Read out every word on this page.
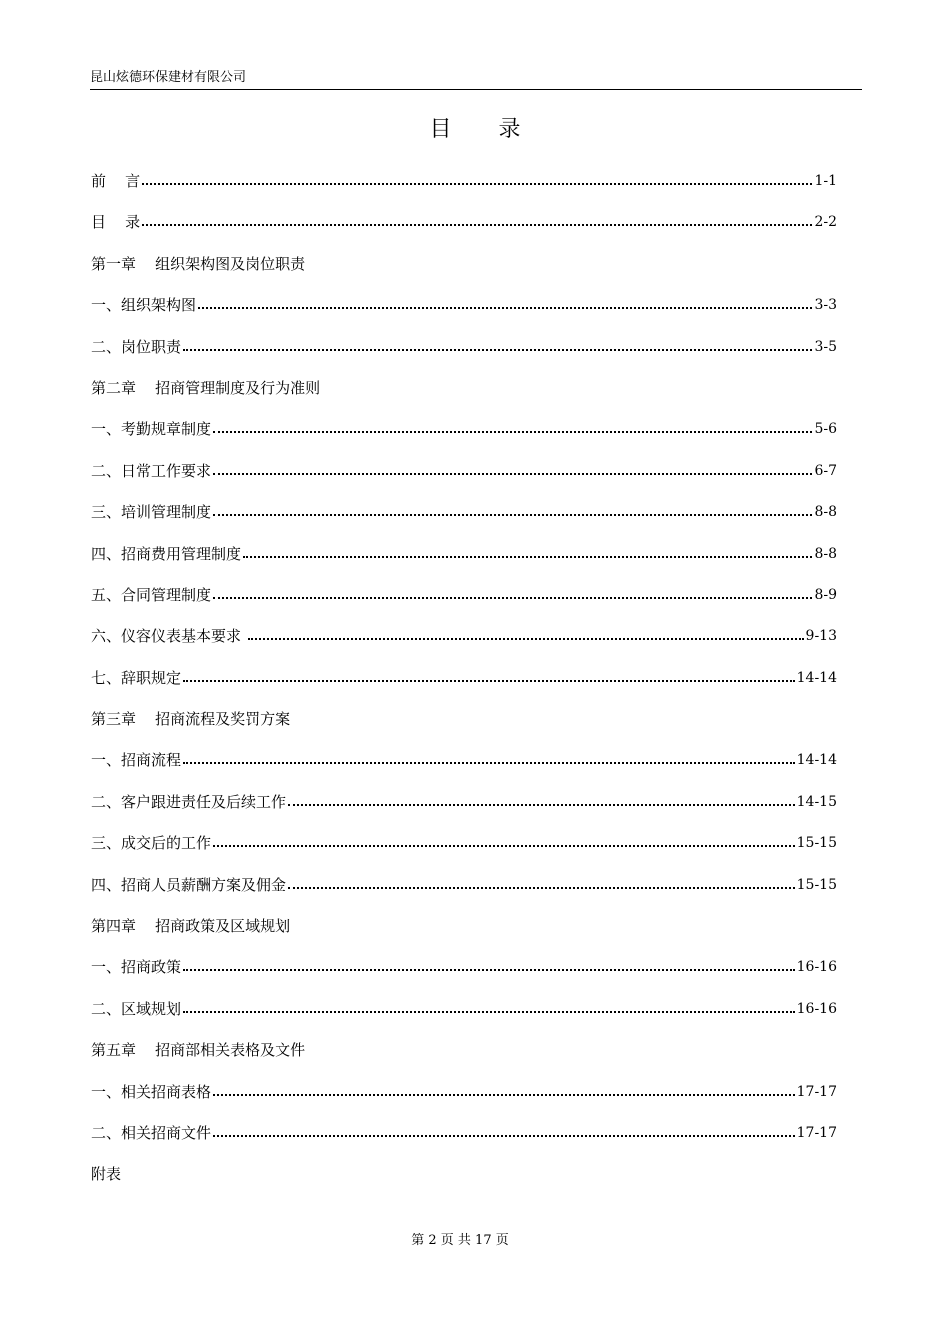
昆山炫德环保建材有限公司
目 录
前    言	1-1
目    录	2-2
第一章    组织架构图及岗位职责
一、组织架构图	3-3
二、岗位职责	3-5
第二章    招商管理制度及行为准则
一、考勤规章制度	5-6
二、日常工作要求	6-7
三、培训管理制度	8-8
四、招商费用管理制度	8-8
五、合同管理制度	8-9
六、仪容仪表基本要求	9-13
七、辞职规定	14-14
第三章    招商流程及奖罚方案
一、招商流程	14-14
二、客户跟进责任及后续工作	14-15
三、成交后的工作	15-15
四、招商人员薪酬方案及佣金	15-15
第四章    招商政策及区域规划
一、招商政策	16-16
二、区域规划	16-16
第五章    招商部相关表格及文件
一、相关招商表格	17-17
二、相关招商文件	17-17
附表
第 2 页 共 17 页
